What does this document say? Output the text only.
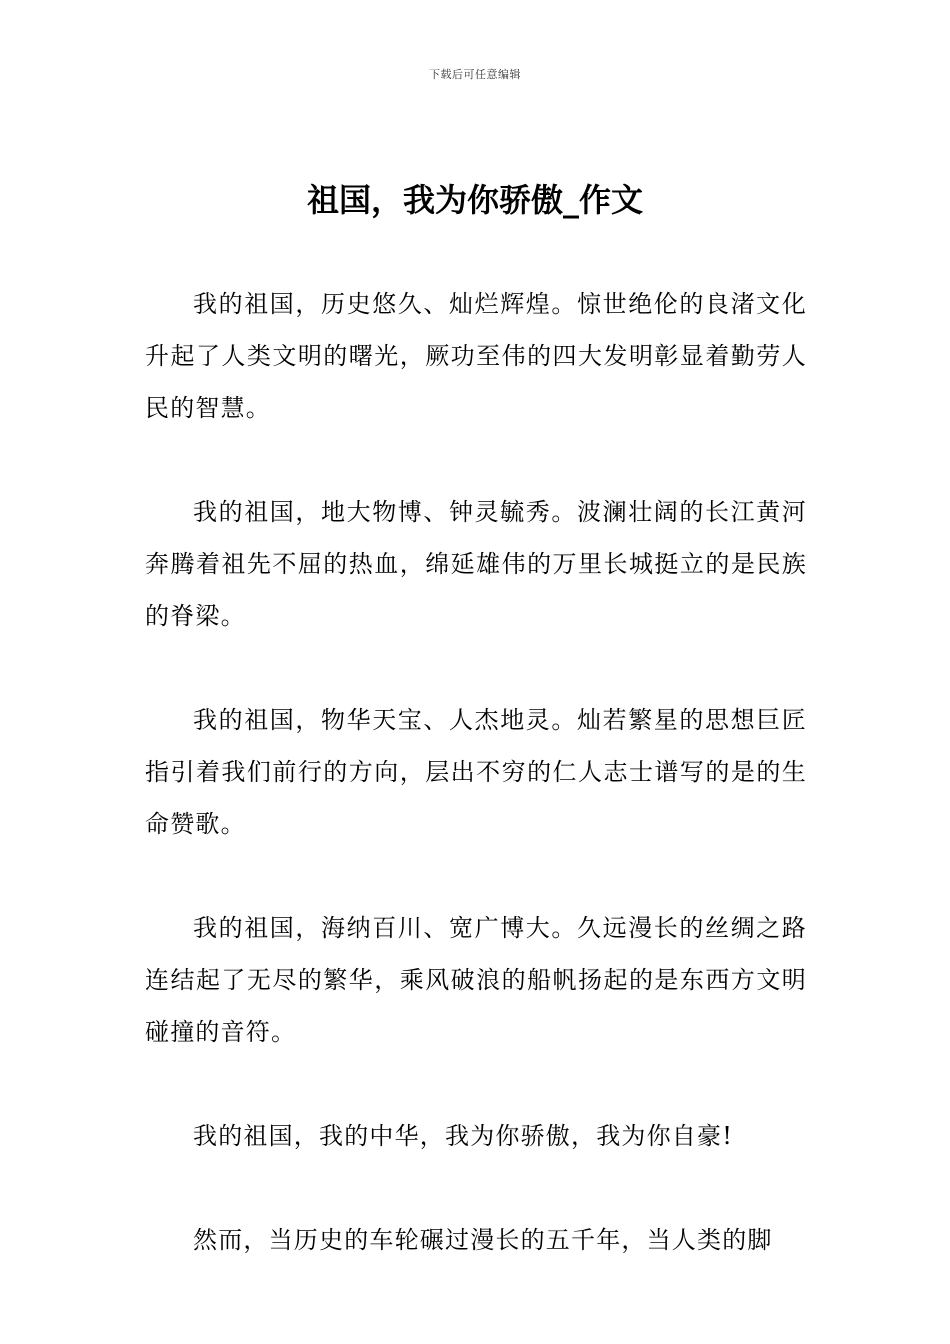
下载后可任意编辑
祖国，我为你骄傲_作文

我的祖国，历史悠久、灿烂辉煌。惊世绝伦的良渚文化升起了人类文明的曙光，厥功至伟的四大发明彰显着勤劳人民的智慧。

我的祖国，地大物博、钟灵毓秀。波澜壮阔的长江黄河奔腾着祖先不屈的热血，绵延雄伟的万里长城挺立的是民族的脊梁。

我的祖国，物华天宝、人杰地灵。灿若繁星的思想巨匠指引着我们前行的方向，层出不穷的仁人志士谱写的是的生命赞歌。

我的祖国，海纳百川、宽广博大。久远漫长的丝绸之路连结起了无尽的繁华，乘风破浪的船帆扬起的是东西方文明碰撞的音符。

我的祖国，我的中华，我为你骄傲，我为你自豪!

然而，当历史的车轮碾过漫长的五千年，当人类的脚
